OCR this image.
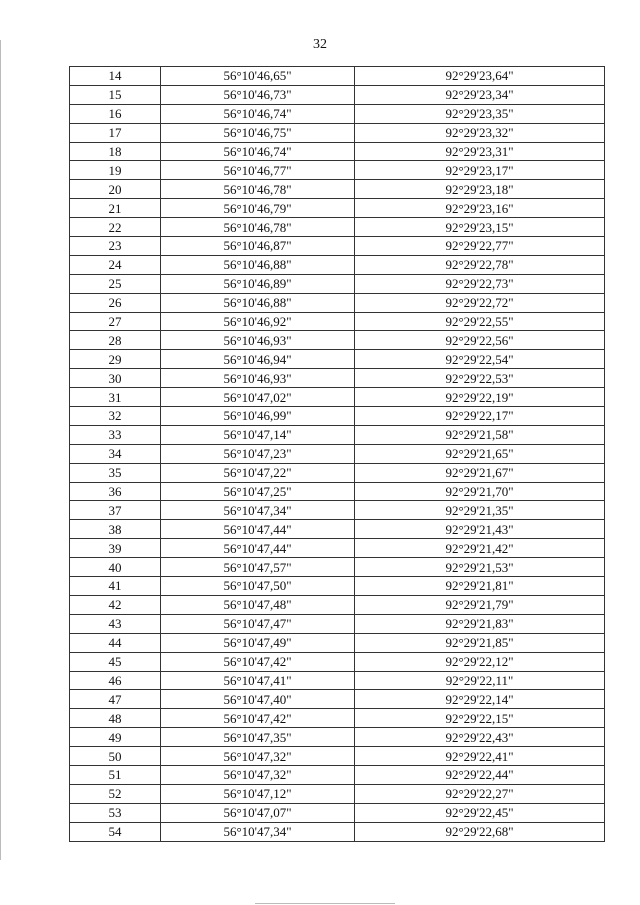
32
14	56°10'46,65"	92°29'23,64"
15	56°10'46,73"	92°29'23,34"
16	56°10'46,74"	92°29'23,35"
17	56°10'46,75"	92°29'23,32"
18	56°10'46,74"	92°29'23,31"
19	56°10'46,77"	92°29'23,17"
20	56°10'46,78"	92°29'23,18"
21	56°10'46,79"	92°29'23,16"
22	56°10'46,78"	92°29'23,15"
23	56°10'46,87"	92°29'22,77"
24	56°10'46,88"	92°29'22,78"
25	56°10'46,89"	92°29'22,73"
26	56°10'46,88"	92°29'22,72"
27	56°10'46,92"	92°29'22,55"
28	56°10'46,93"	92°29'22,56"
29	56°10'46,94"	92°29'22,54"
30	56°10'46,93"	92°29'22,53"
31	56°10'47,02"	92°29'22,19"
32	56°10'46,99"	92°29'22,17"
33	56°10'47,14"	92°29'21,58"
34	56°10'47,23"	92°29'21,65"
35	56°10'47,22"	92°29'21,67"
36	56°10'47,25"	92°29'21,70"
37	56°10'47,34"	92°29'21,35"
38	56°10'47,44"	92°29'21,43"
39	56°10'47,44"	92°29'21,42"
40	56°10'47,57"	92°29'21,53"
41	56°10'47,50"	92°29'21,81"
42	56°10'47,48"	92°29'21,79"
43	56°10'47,47"	92°29'21,83"
44	56°10'47,49"	92°29'21,85"
45	56°10'47,42"	92°29'22,12"
46	56°10'47,41"	92°29'22,11"
47	56°10'47,40"	92°29'22,14"
48	56°10'47,42"	92°29'22,15"
49	56°10'47,35"	92°29'22,43"
50	56°10'47,32"	92°29'22,41"
51	56°10'47,32"	92°29'22,44"
52	56°10'47,12"	92°29'22,27"
53	56°10'47,07"	92°29'22,45"
54	56°10'47,34"	92°29'22,68"
